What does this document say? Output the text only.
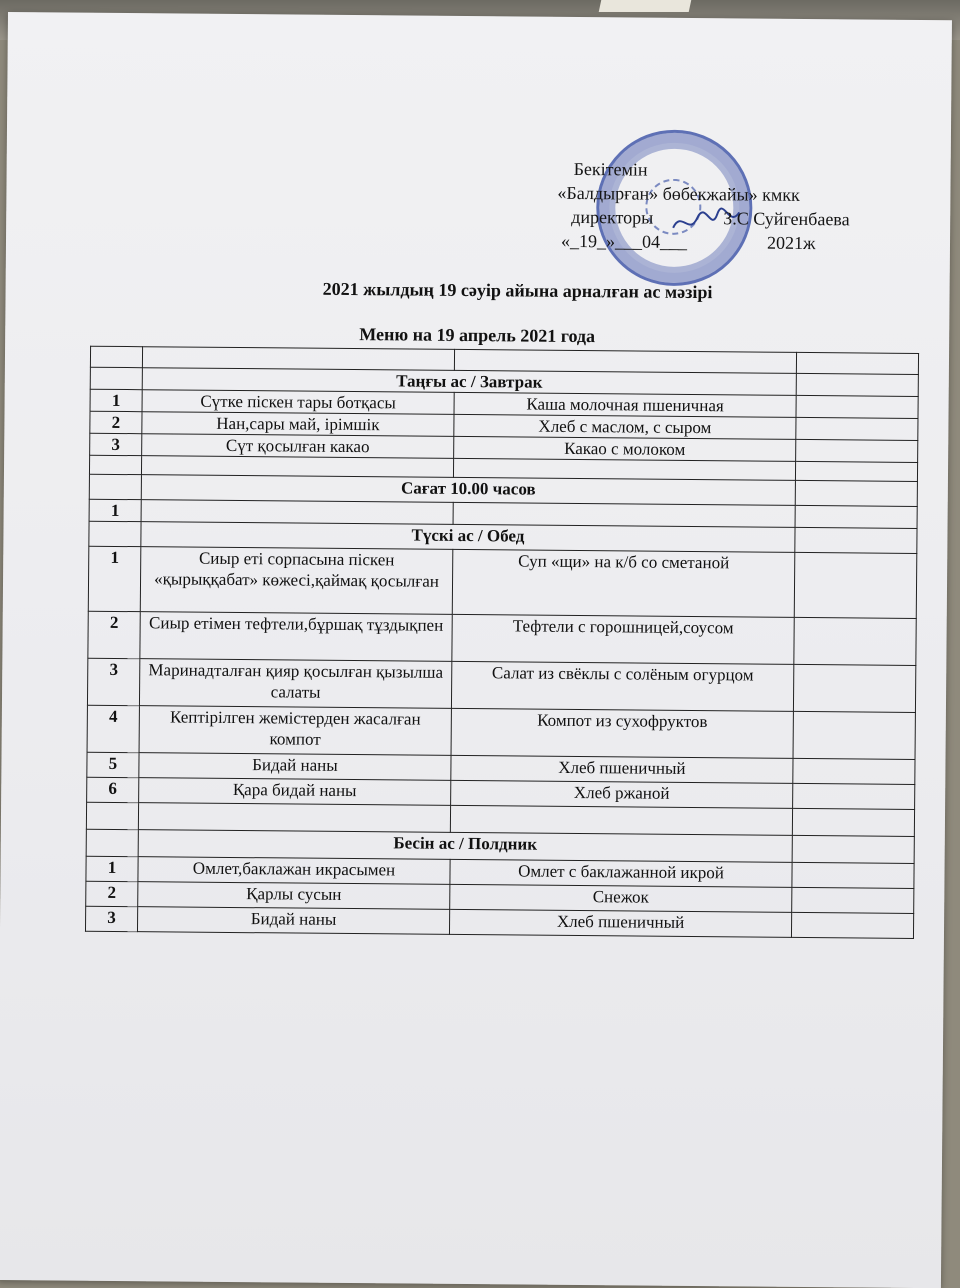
Бекітемін
«Балдырған» бөбекжайы» кмкк
директоры	З.С Суйгенбаева
«_19_»___04___	2021ж
2021 жылдың 19 сәуір айына арналған ас мәзірі
Меню на 19 апрель 2021 года

	Таңғы ас / Завтрак		
1	Сүтке піскен тары ботқасы	Каша молочная пшеничная	
2	Нан,сары май, ірімшік	Хлеб с маслом, с сыром	
3	Сүт қосылған какао	Какао с молоком	

	Сағат 10.00 часов		
1			
	Түскі ас / Обед		
1	Сиыр еті сорпасына піскен «қырыққабат» көжесі,қаймақ қосылған	Суп «щи» на к/б со сметаной	
2	Сиыр етімен тефтели,бұршақ тұздықпен	Тефтели с горошницей,соусом	
3	Маринадталған қияр қосылған қызылша салаты	Салат из свёклы с солёным огурцом	
4	Кептірілген жемістерден жасалған компот	Компот из сухофруктов	
5	Бидай наны	Хлеб пшеничный	
6	Қара бидай наны	Хлеб ржаной	

	Бесін ас / Полдник		
1	Омлет,баклажан икрасымен	Омлет с баклажанной икрой	
2	Қарлы сусын	Снежок	
3	Бидай наны	Хлеб пшеничный	
